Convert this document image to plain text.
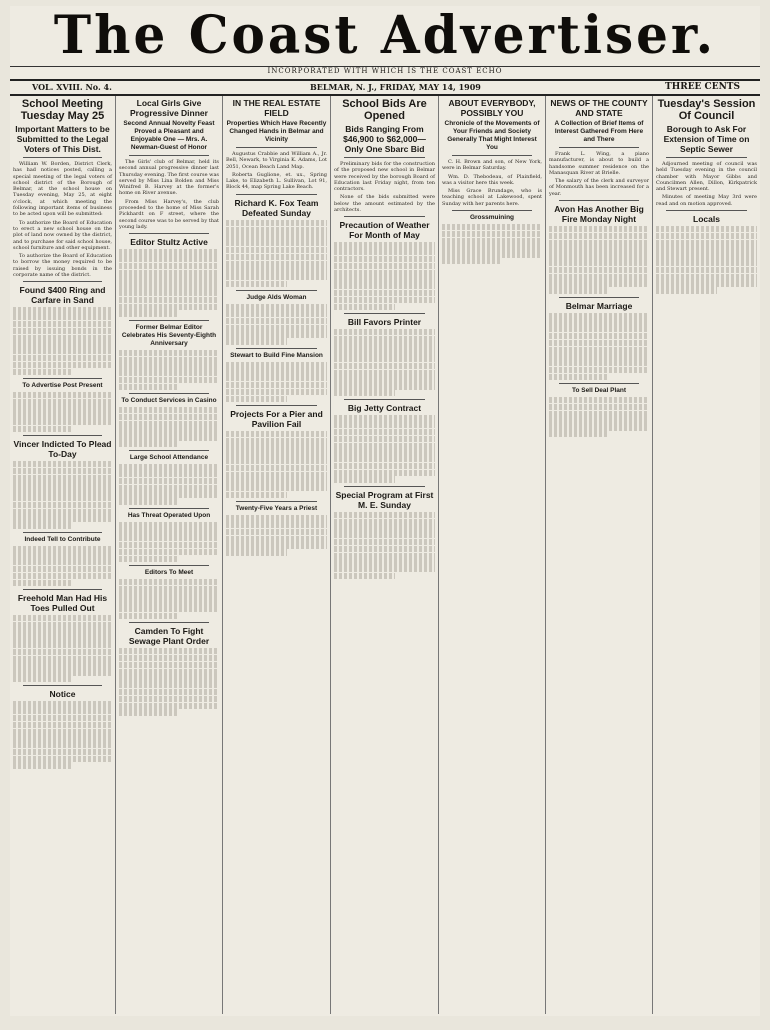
The Coast Advertiser.
INCORPORATED WITH WHICH IS THE COAST ECHO
VOL. XVIII. No. 4.	BELMAR, N. J., FRIDAY, MAY 14, 1909	THREE CENTS
School Meeting Tuesday May 25
Important Matters to be Submitted to the Legal Voters of This Dist.

William W. Borden, District Clerk, has had notices posted, calling a special meeting of the legal voters of school district of the Borough of Belmar, at the school house on Tuesday evening, May 25, at eight o'clock, at which meeting the following important items of business to be acted upon will be submitted:

To authorize the Board of Education to erect a new school house on the plot of land now owned by the district, and to purchase for said school house, school furniture and other equipment.

To authorize the Board of Education to borrow the money required to be raised by issuing bonds in the corporate name of the district.

Found $400 Ring and Carfare in Sand
To Advertise Post Present
Vincer Indicted To Plead To-Day
Indeed Tell to Contribute
Freehold Man Had His Toes Pulled Out
Notice
Local Girls Give Progressive Dinner
Second Annual Novelty Feast Proved a Pleasant and Enjoyable One — Mrs. A. Newman-Guest of Honor

The Girls' club of Belmar, held its second annual progressive dinner last Thursday evening. The first course was served by Miss Lina Bolden and Miss Winifred B. Harvey at the former's home on River avenue.

From Miss Harvey's, the club proceeded to the home of Miss Sarah Pickhardt on F street, where the second course was to be served by that young lady.

Editor Stultz Active
Former Belmar Editor Celebrates His Seventy-Eighth Anniversary
To Conduct Services in Casino
Large School Attendance
Has Threat Operated Upon
Editors To Meet
Camden To Fight Sewage Plant Order
IN THE REAL ESTATE FIELD
Properties Which Have Recently Changed Hands in Belmar and Vicinity

Augustus Crabbie and William A., Jr. Bell, Newark, to Virginia K. Adams, Lot 2051, Ocean Beach Land Map.

Roberta Guglione, et. ux., Spring Lake, to Elizabeth L. Sullivan, Lot 91, Block 44, map Spring Lake Beach.

Richard K. Fox Team Defeated Sunday
Judge Alds Woman
Stewart to Build Fine Mansion
Projects For a Pier and Pavilion Fail
Twenty-Five Years a Priest
School Bids Are Opened
Bids Ranging From $46,900 to $62,000—Only One Sbarc Bid

Preliminary bids for the construction of the proposed new school in Belmar were received by the borough Board of Education last Friday night, from ten contractors.

None of the bids submitted were below the amount estimated by the architects.

Precaution of Weather For Month of May
Bill Favors Printer
Big Jetty Contract
Special Program at First M. E. Sunday
ABOUT EVERYBODY, POSSIBLY YOU
Chronicle of the Movements of Your Friends and Society Generally That Might Interest You

C. H. Brown and son, of New York, were in Belmar Saturday.

Wm. D. Thebodeau, of Plainfield, was a visitor here this week.

Miss Grace Brundage, who is teaching school at Lakewood, spent Sunday with her parents here.

Grossmuining
NEWS OF THE COUNTY AND STATE
A Collection of Brief Items of Interest Gathered From Here and There

Frank L. Wing, a piano manufacturer, is about to build a handsome summer residence on the Manasquan River at Brielle.

The salary of the clerk and surveyor of Monmouth has been increased for a year.

Avon Has Another Big Fire Monday Night
Belmar Marriage
To Sell Deal Plant
Tuesday's Session Of Council
Borough to Ask For Extension of Time on Septic Sewer

Adjourned meeting of council was held Tuesday evening in the council chamber with Mayor Gibbs and Councilmen Allen, Dillon, Kirkpatrick and Stewart present.

Minutes of meeting May 3rd were read and on motion approved.

Locals
